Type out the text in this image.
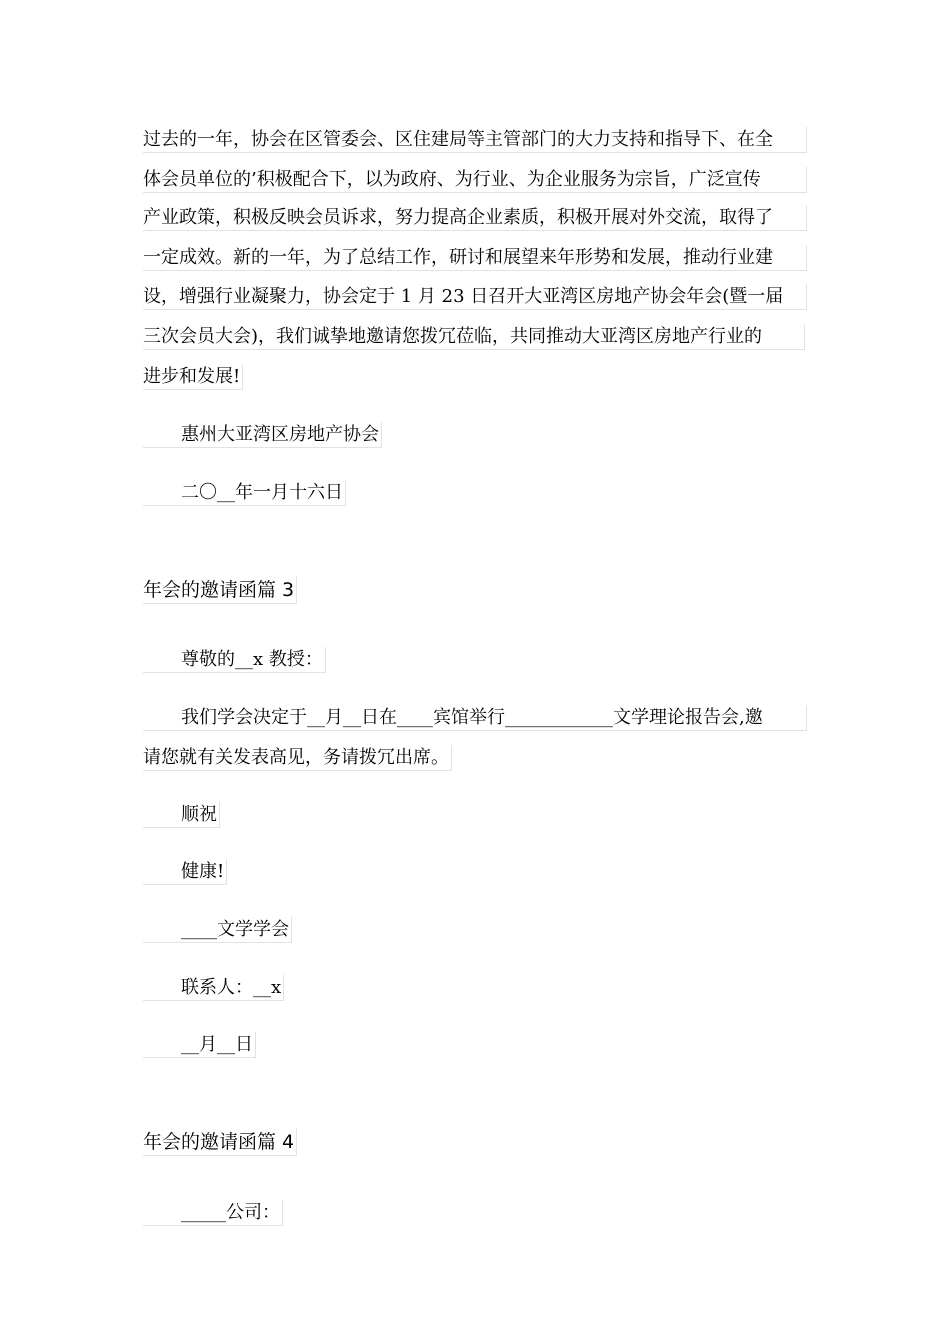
过去的一年，协会在区管委会、区住建局等主管部门的大力支持和指导下、在全
体会员单位的’积极配合下，以为政府、为行业、为企业服务为宗旨，广泛宣传
产业政策，积极反映会员诉求，努力提高企业素质，积极开展对外交流，取得了
一定成效。新的一年，为了总结工作，研讨和展望来年形势和发展，推动行业建
设，增强行业凝聚力，协会定于 1 月 23 日召开大亚湾区房地产协会年会(暨一届
三次会员大会)，我们诚挚地邀请您拨冗莅临，共同推动大亚湾区房地产行业的
进步和发展!
惠州大亚湾区房地产协会
二〇__年一月十六日
年会的邀请函篇 3
尊敬的__x 教授：
我们学会决定于__月__日在____宾馆举行____________文学理论报告会,邀
请您就有关发表高见，务请拨冗出席。
顺祝
健康!
____文学学会
联系人：__x
__月__日
年会的邀请函篇 4
_____公司：
